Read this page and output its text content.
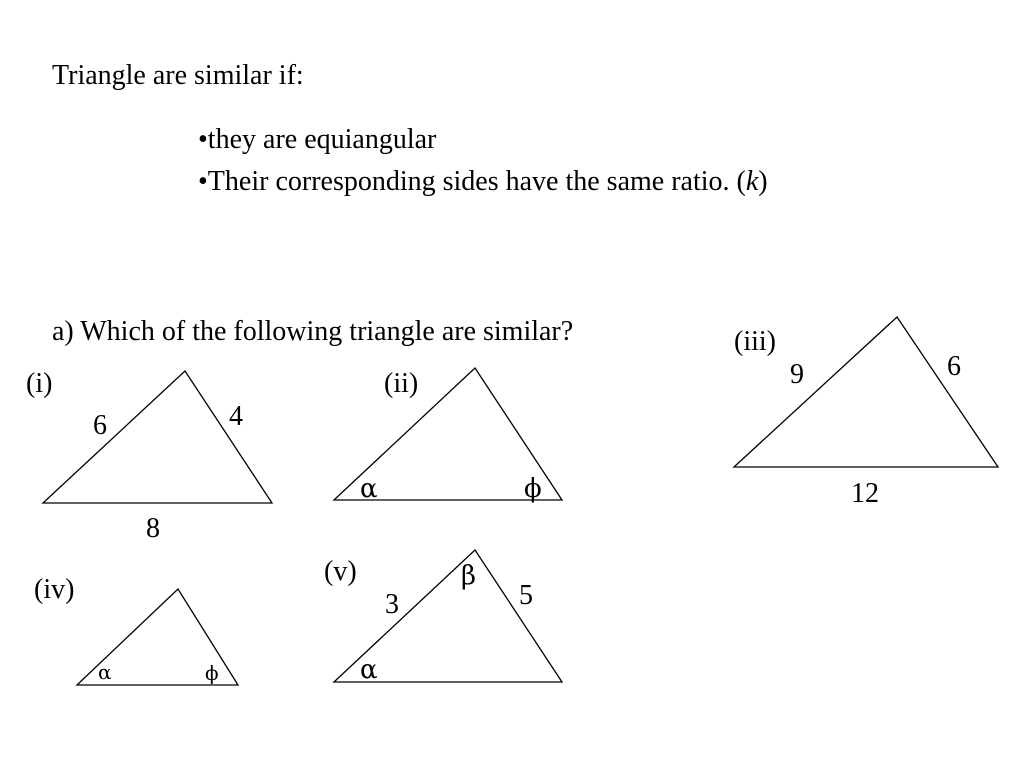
Triangle are similar if:
•they are equiangular
•Their corresponding sides have the same ratio. (k)
a) Which of the following triangle are similar?
(i)
6	4
8
(ii)
α	ϕ
(iii)
9	6
12
(iv)
α	ϕ
(v)	β
3	5
α
